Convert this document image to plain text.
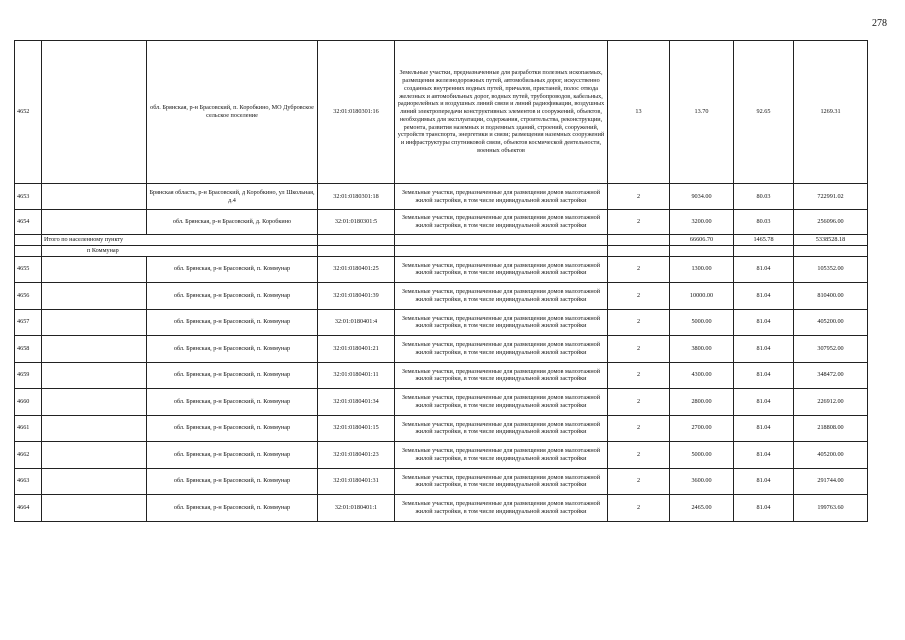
278
4652		обл. Брянская, р-н Брасовский, п. Коробкино, МО Дубровское сельское поселение	32:01:0180301:16	Земельные участки, предназначенные для разработки полезных ископаемых, размещения железнодорожных путей, автомобильных дорог, искусственно созданных внутренних водных путей, причалов, пристаней, полос отвода железных и автомобильных дорог, водных путей, трубопроводов, кабельных, радиорелейных и воздушных линий связи и линий радиофикации, воздушных линий электропередачи конструктивных элементов и сооружений, объектов, необходимых для эксплуатации, содержания, строительства, реконструкции, ремонта, развития наземных и подземных зданий, строений, сооружений, устройств транспорта, энергетики и связи; размещения наземных сооружений и инфраструктуры спутниковой связи, объектов космической деятельности, военных объектов	13	13.70	92.65	1269.31
4653		Брянская область, р-н Брасовский, д Коробкино, ул Школьная, д.4	32:01:0180301:18	Земельные участки, предназначенные для размещения домов малоэтажной жилой застройки, в том числе индивидуальной жилой застройки	2	9034.00	80.03	722991.02
4654		обл. Брянская, р-н Брасовский, д. Коробкино	32:01:0180301:5	Земельные участки, предназначенные для размещения домов малоэтажной жилой застройки, в том числе индивидуальной жилой застройки	2	3200.00	80.03	256096.00
	Итого по населенному пункту					66606.70	1465.78	5338528.18
	п Коммунар							
4655		обл. Брянская, р-н Брасовский, п. Коммунар	32:01:0180401:25	Земельные участки, предназначенные для размещения домов малоэтажной жилой застройки, в том числе индивидуальной жилой застройки	2	1300.00	81.04	105352.00
4656		обл. Брянская, р-н Брасовский, п. Коммунар	32:01:0180401:39	Земельные участки, предназначенные для размещения домов малоэтажной жилой застройки, в том числе индивидуальной жилой застройки	2	10000.00	81.04	810400.00
4657		обл. Брянская, р-н Брасовский, п. Коммунар	32:01:0180401:4	Земельные участки, предназначенные для размещения домов малоэтажной жилой застройки, в том числе индивидуальной жилой застройки	2	5000.00	81.04	405200.00
4658		обл. Брянская, р-н Брасовский, п. Коммунар	32:01:0180401:21	Земельные участки, предназначенные для размещения домов малоэтажной жилой застройки, в том числе индивидуальной жилой застройки	2	3800.00	81.04	307952.00
4659		обл. Брянская, р-н Брасовский, п. Коммунар	32:01:0180401:11	Земельные участки, предназначенные для размещения домов малоэтажной жилой застройки, в том числе индивидуальной жилой застройки	2	4300.00	81.04	348472.00
4660		обл. Брянская, р-н Брасовский, п. Коммунар	32:01:0180401:34	Земельные участки, предназначенные для размещения домов малоэтажной жилой застройки, в том числе индивидуальной жилой застройки	2	2800.00	81.04	226912.00
4661		обл. Брянская, р-н Брасовский, п. Коммунар	32:01:0180401:15	Земельные участки, предназначенные для размещения домов малоэтажной жилой застройки, в том числе индивидуальной жилой застройки	2	2700.00	81.04	218808.00
4662		обл. Брянская, р-н Брасовский, п. Коммунар	32:01:0180401:23	Земельные участки, предназначенные для размещения домов малоэтажной жилой застройки, в том числе индивидуальной жилой застройки	2	5000.00	81.04	405200.00
4663		обл. Брянская, р-н Брасовский, п. Коммунар	32:01:0180401:31	Земельные участки, предназначенные для размещения домов малоэтажной жилой застройки, в том числе индивидуальной жилой застройки	2	3600.00	81.04	291744.00
4664		обл. Брянская, р-н Брасовский, п. Коммунар	32:01:0180401:1	Земельные участки, предназначенные для размещения домов малоэтажной жилой застройки, в том числе индивидуальной жилой застройки	2	2465.00	81.04	199763.60
